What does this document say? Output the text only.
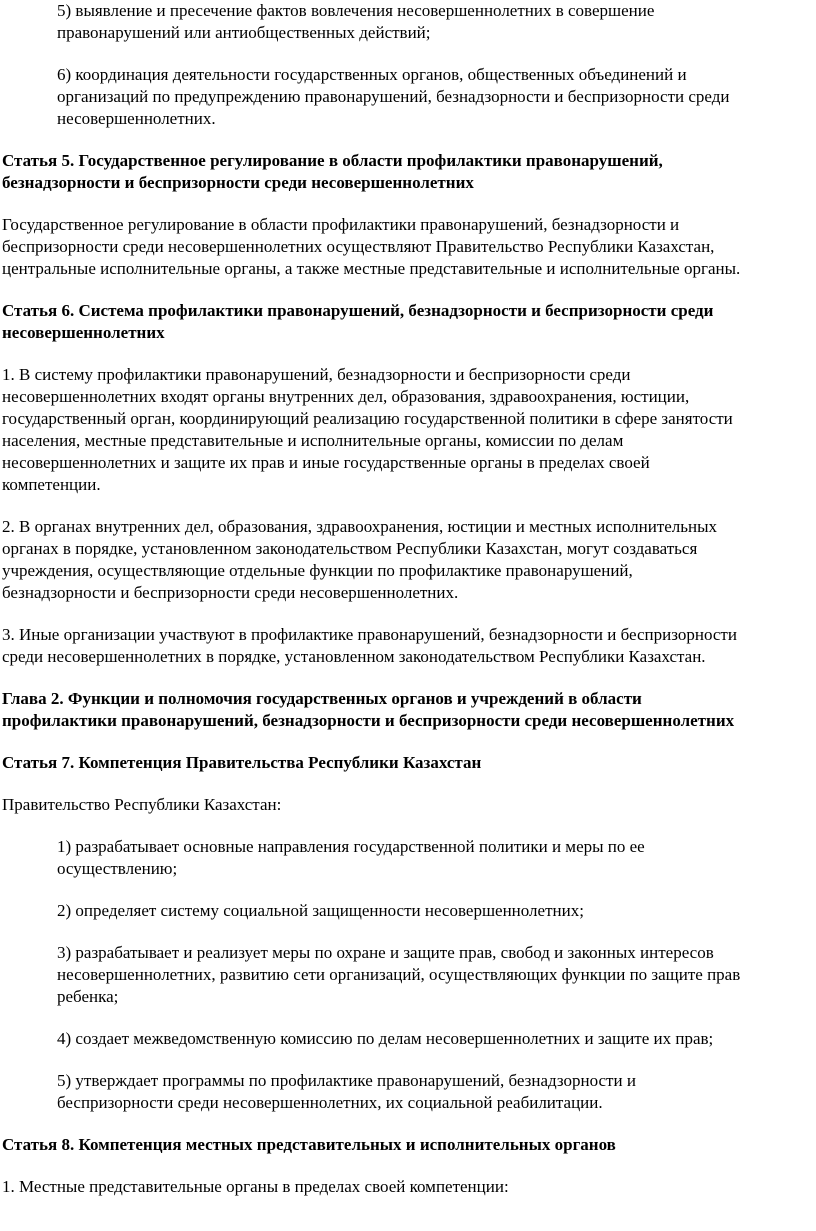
5) выявление и пресечение фактов вовлечения несовершеннолетних в совершение
правонарушений или антиобщественных действий;

6) координация деятельности государственных органов, общественных объединений и
организаций по предупреждению правонарушений, безнадзорности и беспризорности среди
несовершеннолетних.

Статья 5. Государственное регулирование в области профилактики правонарушений,
безнадзорности и беспризорности среди несовершеннолетних

Государственное регулирование в области профилактики правонарушений, безнадзорности и
беспризорности среди несовершеннолетних осуществляют Правительство Республики Казахстан,
центральные исполнительные органы, а также местные представительные и исполнительные органы.

Статья 6. Система профилактики правонарушений, безнадзорности и беспризорности среди
несовершеннолетних

1. В систему профилактики правонарушений, безнадзорности и беспризорности среди
несовершеннолетних входят органы внутренних дел, образования, здравоохранения, юстиции,
государственный орган, координирующий реализацию государственной политики в сфере занятости
населения, местные представительные и исполнительные органы, комиссии по делам
несовершеннолетних и защите их прав и иные государственные органы в пределах своей
компетенции.

2. В органах внутренних дел, образования, здравоохранения, юстиции и местных исполнительных
органах в порядке, установленном законодательством Республики Казахстан, могут создаваться
учреждения, осуществляющие отдельные функции по профилактике правонарушений,
безнадзорности и беспризорности среди несовершеннолетних.

3. Иные организации участвуют в профилактике правонарушений, безнадзорности и беспризорности
среди несовершеннолетних в порядке, установленном законодательством Республики Казахстан.

Глава 2. Функции и полномочия государственных органов и учреждений в области
профилактики правонарушений, безнадзорности и беспризорности среди несовершеннолетних

Статья 7. Компетенция Правительства Республики Казахстан

Правительство Республики Казахстан:

1) разрабатывает основные направления государственной политики и меры по ее
осуществлению;

2) определяет систему социальной защищенности несовершеннолетних;

3) разрабатывает и реализует меры по охране и защите прав, свобод и законных интересов
несовершеннолетних, развитию сети организаций, осуществляющих функции по защите прав
ребенка;

4) создает межведомственную комиссию по делам несовершеннолетних и защите их прав;

5) утверждает программы по профилактике правонарушений, безнадзорности и
беспризорности среди несовершеннолетних, их социальной реабилитации.

Статья 8. Компетенция местных представительных и исполнительных органов

1. Местные представительные органы в пределах своей компетенции:
